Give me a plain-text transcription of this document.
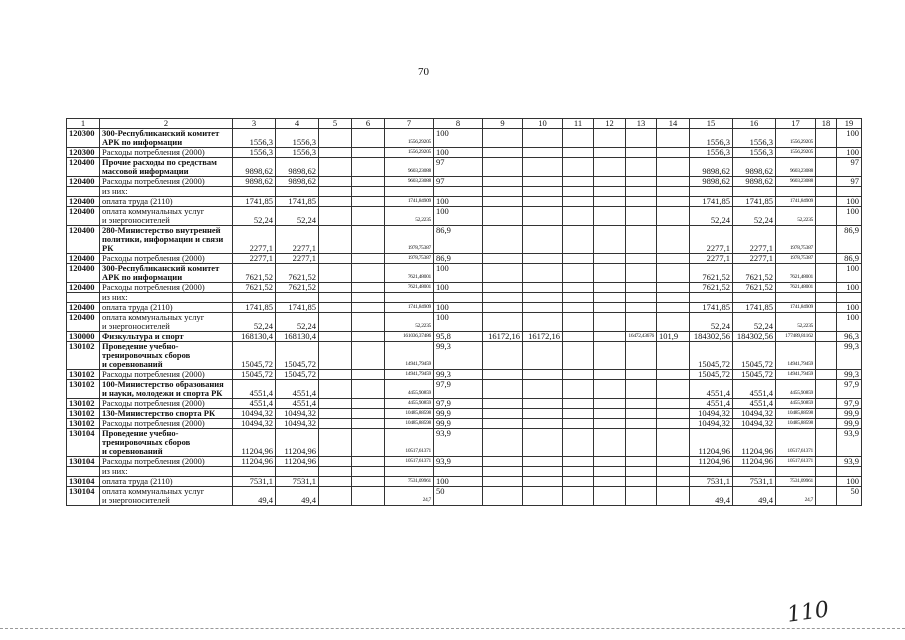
70
1	2	3	4	5	6	7	8	9	10	11	12	13	14	15	16	17	18	19
120300	300-Республиканский комитет
АРК по информации	1556,3	1556,3			1556,29205	100							1556,3	1556,3	1556,29205		100
120300	Расходы потребления (2000)	1556,3	1556,3			1556,29205	100							1556,3	1556,3	1556,29205		100
120400	Прочие расходы по средствам
массовой информации	9898,62	9898,62			9603,23088	97							9898,62	9898,62	9603,23088		97
120400	Расходы потребления (2000)	9898,62	9898,62			9603,23088	97							9898,62	9898,62	9603,23088		97
	из них:																	
120400	оплата труда (2110)	1741,85	1741,85			1741,84909	100							1741,85	1741,85	1741,84909		100
120400	оплата коммунальных услуг
и энергоносителей	52,24	52,24			52,2235	100							52,24	52,24	52,2235		100
120400	280-Министерство внутренней
политики, информации и связи
РК	2277,1	2277,1			1978,75387	86,9							2277,1	2277,1	1978,75387		86,9
120400	Расходы потребления (2000)	2277,1	2277,1			1978,75387	86,9							2277,1	2277,1	1978,75387		86,9
120400	300-Республиканский комитет
АРК по информации	7621,52	7621,52			7621,48001	100							7621,52	7621,52	7621,48001		100
120400	Расходы потребления (2000)	7621,52	7621,52			7621,48001	100							7621,52	7621,52	7621,48001		100
	из них:																	
120400	оплата труда (2110)	1741,85	1741,85			1741,84909	100							1741,85	1741,85	1741,84909		100
120400	оплата коммунальных услуг
и энергоносителей	52,24	52,24			52,2235	100							52,24	52,24	52,2235		100
130000	Физкультура и спорт	168130,4	168130,4			161036,37486	95,8	16172,16	16172,16			16472,43676	101,9	184302,56	184302,56	177489,81162		96,3
130102	Проведение учебно-
тренировочных сборов
и соревнований	15045,72	15045,72			14941,79459	99,3							15045,72	15045,72	14941,79459		99,3
130102	Расходы потребления (2000)	15045,72	15045,72			14941,79459	99,3							15045,72	15045,72	14941,79459		99,3
130102	100-Министерство образования
и науки, молодежи и спорта РК	4551,4	4551,4			4455,90859	97,9							4551,4	4551,4	4455,90859		97,9
130102	Расходы потребления (2000)	4551,4	4551,4			4455,90859	97,9							4551,4	4551,4	4455,90859		97,9
130102	130-Министерство спорта РК	10494,32	10494,32			10485,88598	99,9							10494,32	10494,32	10485,88598		99,9
130102	Расходы потребления (2000)	10494,32	10494,32			10485,88598	99,9							10494,32	10494,32	10485,88598		99,9
130104	Проведение учебно-
тренировочных сборов
и соревнований	11204,96	11204,96			10517,61371	93,9							11204,96	11204,96	10517,61371		93,9
130104	Расходы потребления (2000)	11204,96	11204,96			10517,61371	93,9							11204,96	11204,96	10517,61371		93,9
	из них:																	
130104	оплата труда (2110)	7531,1	7531,1			7531,09961	100							7531,1	7531,1	7531,09961		100
130104	оплата коммунальных услуг
и энергоносителей	49,4	49,4			24,7	50							49,4	49,4	24,7		50
110
